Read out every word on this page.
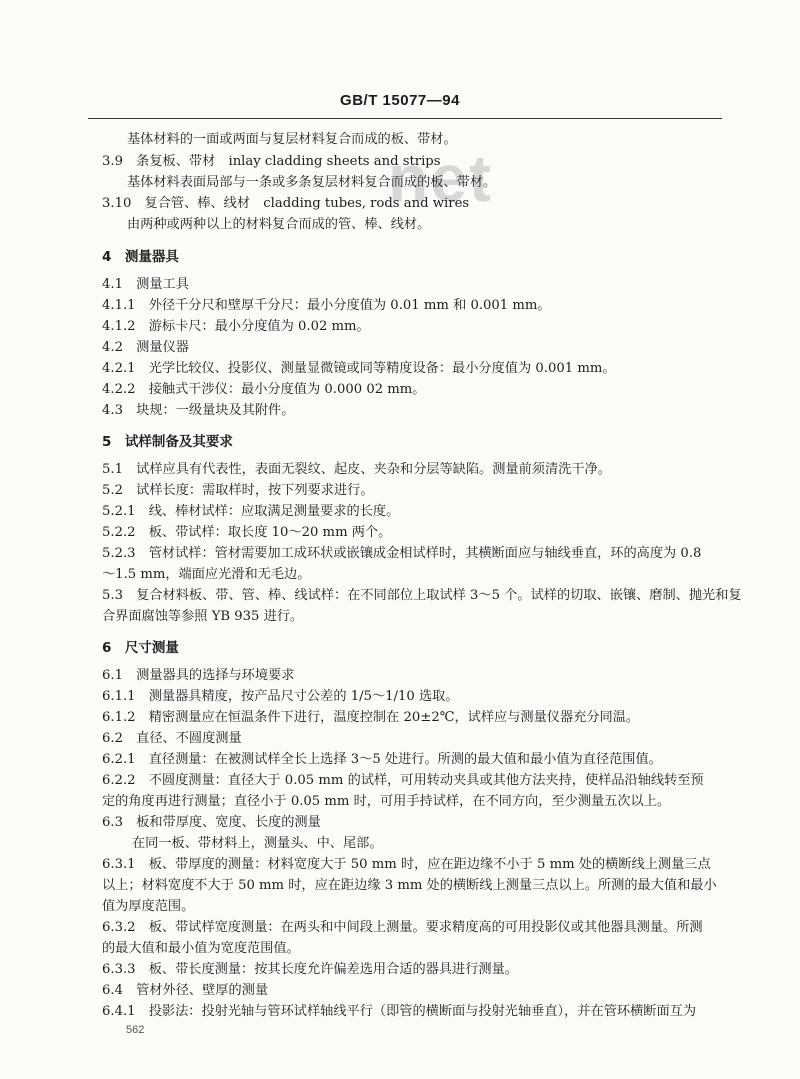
GB/T 15077—94
net
基体材料的一面或两面与复层材料复合而成的板、带材。
3.9　条复板、带材　inlay cladding sheets and strips
基体材料表面局部与一条或多条复层材料复合而成的板、带材。
3.10　复合管、棒、线材　cladding tubes, rods and wires
由两种或两种以上的材料复合而成的管、棒、线材。
4　测量器具
4.1　测量工具
4.1.1　外径千分尺和壁厚千分尺：最小分度值为 0.01 mm 和 0.001 mm。
4.1.2　游标卡尺：最小分度值为 0.02 mm。
4.2　测量仪器
4.2.1　光学比较仪、投影仪、测量显微镜或同等精度设备：最小分度值为 0.001 mm。
4.2.2　接触式干涉仪：最小分度值为 0.000 02 mm。
4.3　块规：一级量块及其附件。
5　试样制备及其要求
5.1　试样应具有代表性，表面无裂纹、起皮、夹杂和分层等缺陷。测量前须清洗干净。
5.2　试样长度：需取样时，按下列要求进行。
5.2.1　线、棒材试样：应取满足测量要求的长度。
5.2.2　板、带试样：取长度 10～20 mm 两个。
5.2.3　管材试样：管材需要加工成环状或嵌镶成金相试样时，其横断面应与轴线垂直，环的高度为 0.8
～1.5 mm，端面应光滑和无毛边。
5.3　复合材料板、带、管、棒、线试样：在不同部位上取试样 3～5 个。试样的切取、嵌镶、磨制、抛光和复
合界面腐蚀等参照 YB 935 进行。
6　尺寸测量
6.1　测量器具的选择与环境要求
6.1.1　测量器具精度，按产品尺寸公差的 1/5～1/10 选取。
6.1.2　精密测量应在恒温条件下进行，温度控制在 20±2℃，试样应与测量仪器充分同温。
6.2　直径、不圆度测量
6.2.1　直径测量：在被测试样全长上选择 3～5 处进行。所测的最大值和最小值为直径范围值。
6.2.2　不圆度测量：直径大于 0.05 mm 的试样，可用转动夹具或其他方法夹持，使样品沿轴线转至预
定的角度再进行测量；直径小于 0.05 mm 时，可用手持试样，在不同方向，至少测量五次以上。
6.3　板和带厚度、宽度、长度的测量
在同一板、带材料上，测量头、中、尾部。
6.3.1　板、带厚度的测量：材料宽度大于 50 mm 时，应在距边缘不小于 5 mm 处的横断线上测量三点
以上；材料宽度不大于 50 mm 时，应在距边缘 3 mm 处的横断线上测量三点以上。所测的最大值和最小
值为厚度范围。
6.3.2　板、带试样宽度测量：在两头和中间段上测量。要求精度高的可用投影仪或其他器具测量。所测
的最大值和最小值为宽度范围值。
6.3.3　板、带长度测量：按其长度允许偏差选用合适的器具进行测量。
6.4　管材外径、壁厚的测量
6.4.1　投影法：投射光轴与管环试样轴线平行（即管的横断面与投射光轴垂直），并在管环横断面互为
562
